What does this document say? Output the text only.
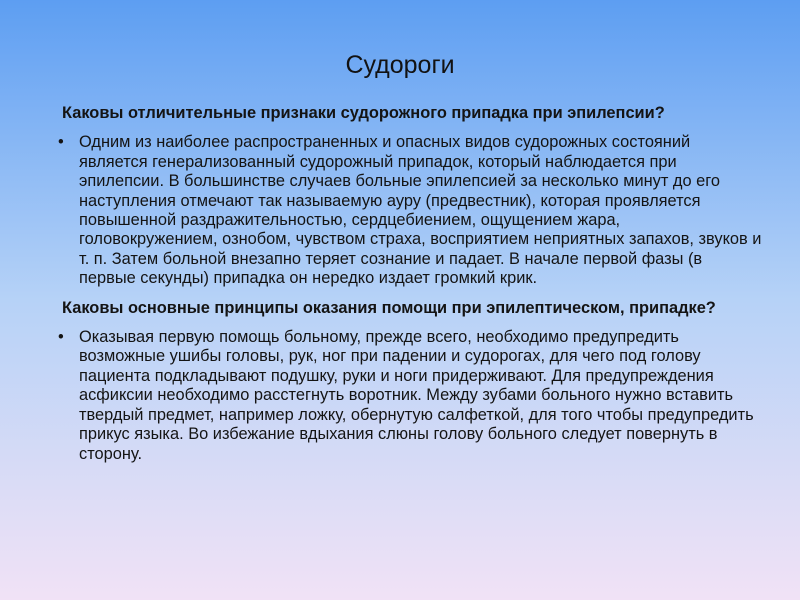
Судороги
Каковы отличительные признаки судорожного припадка при эпилепсии?
• Одним из наиболее распространенных и опасных видов судорожных состояний является генерализованный судорожный припадок, который наблюдается при эпилепсии. В большинстве случаев больные эпилепсией за несколько минут до его наступления отмечают так называемую ауру (предвестник), которая проявляется повышенной раздражительностью, сердцебиением, ощущением жара, головокружением, ознобом, чувством страха, восприятием неприятных запахов, звуков и т. п. Затем больной внезапно теряет сознание и падает. В начале первой фазы (в первые секунды) припадка он нередко издает громкий крик.
Каковы основные принципы оказания помощи при эпилептическом, припадке?
• Оказывая первую помощь больному, прежде всего, необходимо предупредить возможные ушибы головы, рук, ног при падении и судорогах, для чего под голову пациента подкладывают подушку, руки и ноги придерживают. Для предупреждения асфиксии необходимо расстегнуть воротник. Между зубами больного нужно вставить твердый предмет, например ложку, обернутую салфеткой, для того чтобы предупредить прикус языка. Во избежание вдыхания слюны голову больного следует повернуть в сторону.
